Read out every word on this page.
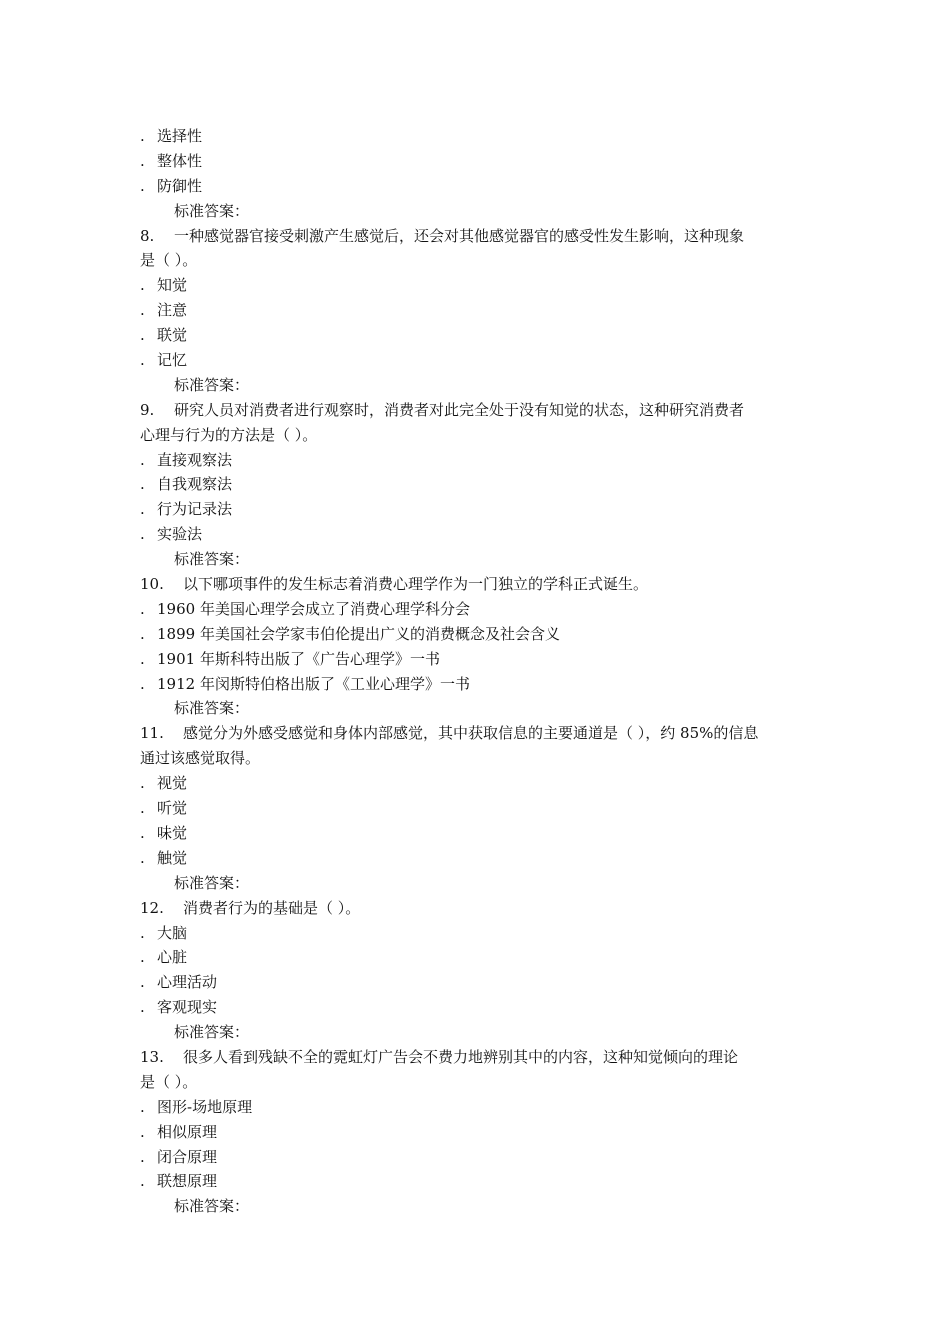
. 选择性
. 整体性
. 防御性
标准答案：
8. 一种感觉器官接受刺激产生感觉后，还会对其他感觉器官的感受性发生影响，这种现象
是（ ）。
. 知觉
. 注意
. 联觉
. 记忆
标准答案：
9. 研究人员对消费者进行观察时，消费者对此完全处于没有知觉的状态，这种研究消费者
心理与行为的方法是（ ）。
. 直接观察法
. 自我观察法
. 行为记录法
. 实验法
标准答案：
10. 以下哪项事件的发生标志着消费心理学作为一门独立的学科正式诞生。
. 1960 年美国心理学会成立了消费心理学科分会
. 1899 年美国社会学家韦伯伦提出广义的消费概念及社会含义
. 1901 年斯科特出版了《广告心理学》一书
. 1912 年闵斯特伯格出版了《工业心理学》一书
标准答案：
11. 感觉分为外感受感觉和身体内部感觉，其中获取信息的主要通道是（ ），约 85%的信息
通过该感觉取得。
. 视觉
. 听觉
. 味觉
. 触觉
标准答案：
12. 消费者行为的基础是（ ）。
. 大脑
. 心脏
. 心理活动
. 客观现实
标准答案：
13. 很多人看到残缺不全的霓虹灯广告会不费力地辨别其中的内容，这种知觉倾向的理论
是（ ）。
. 图形-场地原理
. 相似原理
. 闭合原理
. 联想原理
标准答案：
